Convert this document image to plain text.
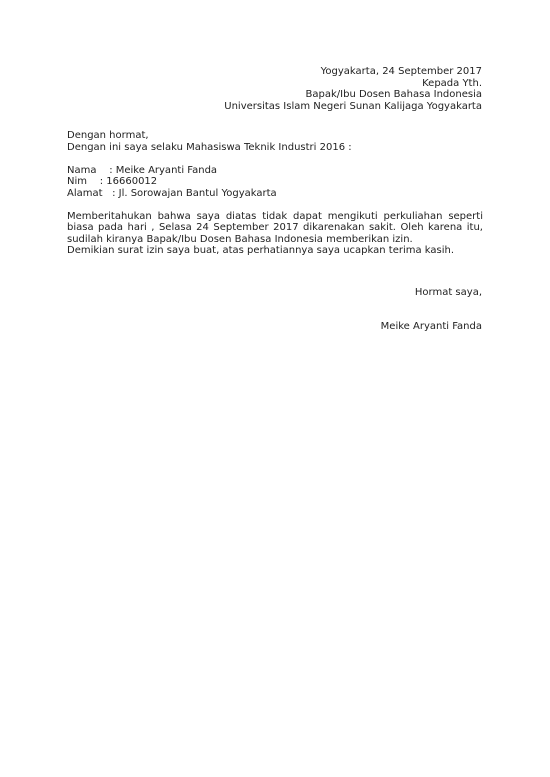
Yogyakarta, 24 September 2017
Kepada Yth.
Bapak/Ibu Dosen Bahasa Indonesia
Universitas Islam Negeri Sunan Kalijaga Yogyakarta
Dengan hormat,
Dengan ini saya selaku Mahasiswa Teknik Industri 2016 :
Nama    : Meike Aryanti Fanda
Nim    : 16660012
Alamat   : Jl. Sorowajan Bantul Yogyakarta
Memberitahukan bahwa saya diatas tidak dapat mengikuti perkuliahan seperti biasa pada hari , Selasa 24 September 2017 dikarenakan sakit. Oleh karena itu, sudilah kiranya Bapak/Ibu Dosen Bahasa Indonesia memberikan izin.
Demikian surat izin saya buat, atas perhatiannya saya ucapkan terima kasih.
Hormat saya,
Meike Aryanti Fanda
